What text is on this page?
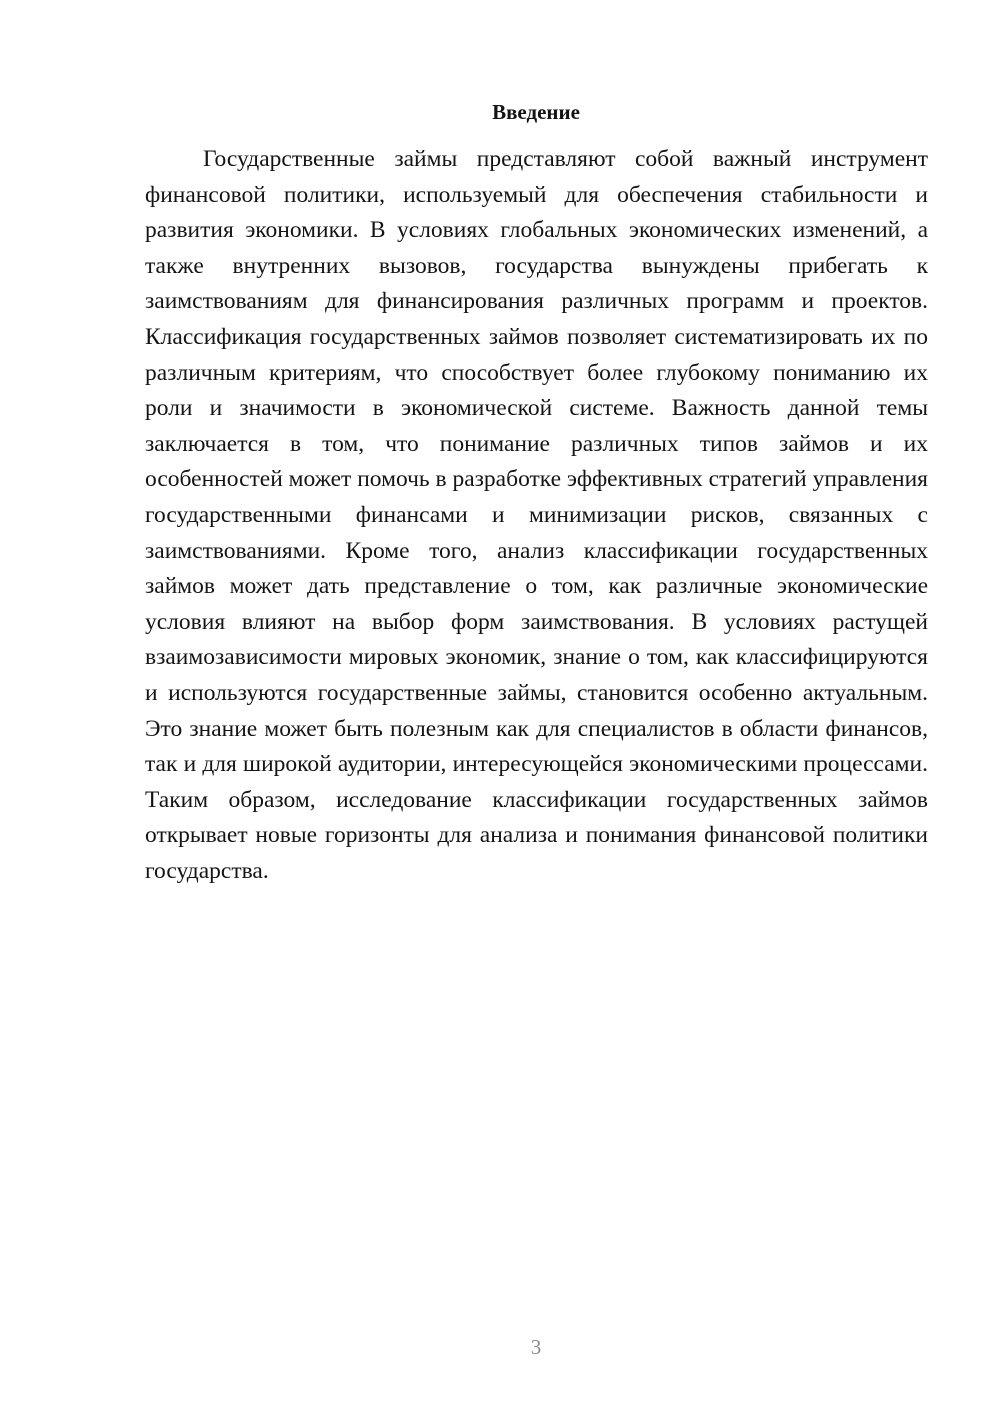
Введение

Государственные займы представляют собой важный инструмент финансовой политики, используемый для обеспечения стабильности и развития экономики. В условиях глобальных экономических изменений, а также внутренних вызовов, государства вынуждены прибегать к заимствованиям для финансирования различных программ и проектов. Классификация государственных займов позволяет систематизировать их по различным критериям, что способствует более глубокому пониманию их роли и значимости в экономической системе. Важность данной темы заключается в том, что понимание различных типов займов и их особенностей может помочь в разработке эффективных стратегий управления государственными финансами и минимизации рисков, связанных с заимствованиями. Кроме того, анализ классификации государственных займов может дать представление о том, как различные экономические условия влияют на выбор форм заимствования. В условиях растущей взаимозависимости мировых экономик, знание о том, как классифицируются и используются государственные займы, становится особенно актуальным. Это знание может быть полезным как для специалистов в области финансов, так и для широкой аудитории, интересующейся экономическими процессами. Таким образом, исследование классификации государственных займов открывает новые горизонты для анализа и понимания финансовой политики государства.

3
